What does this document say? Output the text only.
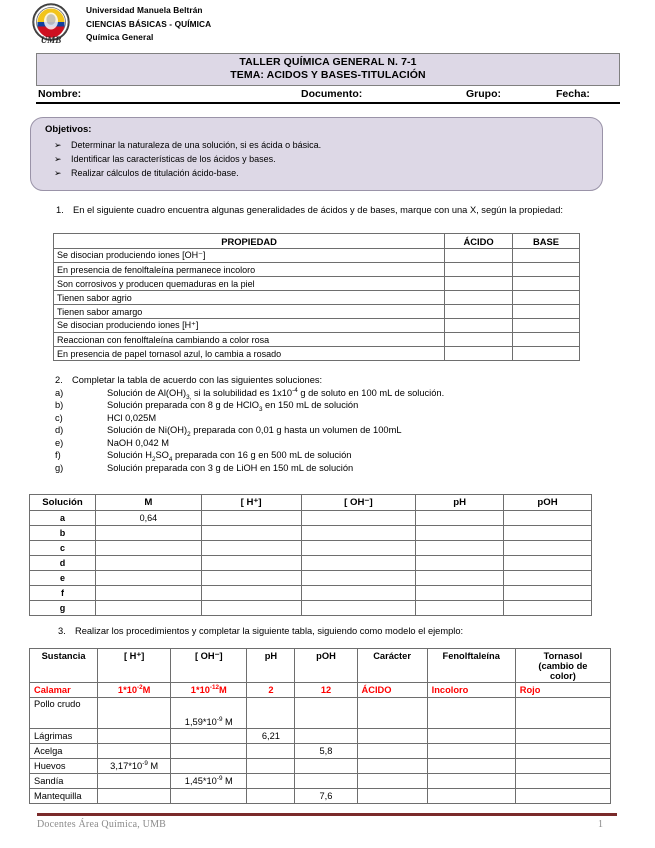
UMB
Universidad Manuela Beltrán
CIENCIAS BÁSICAS - QUÍMICA
Química General
TALLER QUÍMICA GENERAL N. 7-1
TEMA: ACIDOS Y BASES-TITULACIÓN
Nombre:	Documento:	Grupo:	Fecha:
Objetivos:
➢ Determinar la naturaleza de una solución, si es ácida o básica.
➢ Identificar las características de los ácidos y bases.
➢ Realizar cálculos de titulación ácido-base.
1. En el siguiente cuadro encuentra algunas generalidades de ácidos y de bases, marque con una X, según la propiedad:
PROPIEDAD	ÁCIDO	BASE
Se disocian produciendo iones [OH⁻]		
En presencia de fenolftaleína permanece incoloro		
Son corrosivos y producen quemaduras en la piel		
Tienen sabor agrio		
Tienen sabor amargo		
Se disocian produciendo iones [H⁺]		
Reaccionan con fenolftaleína cambiando a color rosa		
En presencia de papel tornasol azul, lo cambia a rosado		
2. Completar la tabla de acuerdo con las siguientes soluciones:
a)	Solución de $Al(OH)_{3,}$ si la solubilidad es $1x10^{-4}$ g de soluto en 100 mL de solución.
b)	Solución preparada con 8 g de HClO$_3$ en 150 mL de solución
c)	HCl 0,025M
d)	Solución de $Ni(OH)_2$ preparada con 0,01 g hasta un volumen de 100mL
e)	NaOH 0,042 M
f)	Solución $H_2SO_4$ preparada con 16 g en 500 mL de solución
g)	Solución preparada con 3 g de LiOH en 150 mL de solución
Solución	M	[ H⁺]	[ OH⁻]	pH	pOH
a	0,64				
b					
c					
d					
e					
f					
g					
3. Realizar los procedimientos y completar la siguiente tabla, siguiendo como modelo el ejemplo:
Sustancia	[ H⁺]	[ OH⁻]	pH	pOH	Carácter	Fenolftaleína	Tornasol
(cambio de
color)
Calamar	$1*10^{-2}M$	$1*10^{-12}M$	2	12	ÁCIDO	Incoloro	Rojo
Pollo crudo		$1,59*10^{-9}$ M					
Lágrimas			6,21				
Acelga				5,8			
Huevos	$3,17*10^{-9}$ M						
Sandía		$1,45*10^{-9}$ M					
Mantequilla				7,6			
Docentes Área Química, UMB	1
